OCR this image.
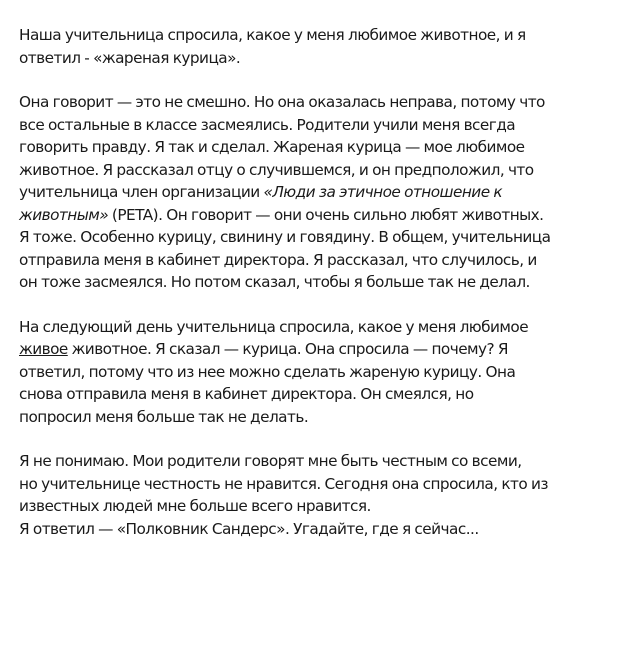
Наша учительница спросила, какое у меня любимое животное, и я
ответил - «жареная курица».

Она говорит — это не смешно. Но она оказалась неправа, потому что
все остальные в классе засмеялись. Родители учили меня всегда
говорить правду. Я так и сделал. Жареная курица — мое любимое
животное. Я рассказал отцу о случившемся, и он предположил, что
учительница член организации «Люди за этичное отношение к
животным» (PETA). Он говорит — они очень сильно любят животных.
Я тоже. Особенно курицу, свинину и говядину. В общем, учительница
отправила меня в кабинет директора. Я рассказал, что случилось, и
он тоже засмеялся. Но потом сказал, чтобы я больше так не делал.

На следующий день учительница спросила, какое у меня любимое
живое животное. Я сказал — курица. Она спросила — почему? Я
ответил, потому что из нее можно сделать жареную курицу. Она
снова отправила меня в кабинет директора. Он смеялся, но
попросил меня больше так не делать.

Я не понимаю. Мои родители говорят мне быть честным со всеми,
но учительнице честность не нравится. Сегодня она спросила, кто из
известных людей мне больше всего нравится.
Я ответил — «Полковник Сандерс». Угадайте, где я сейчас...
